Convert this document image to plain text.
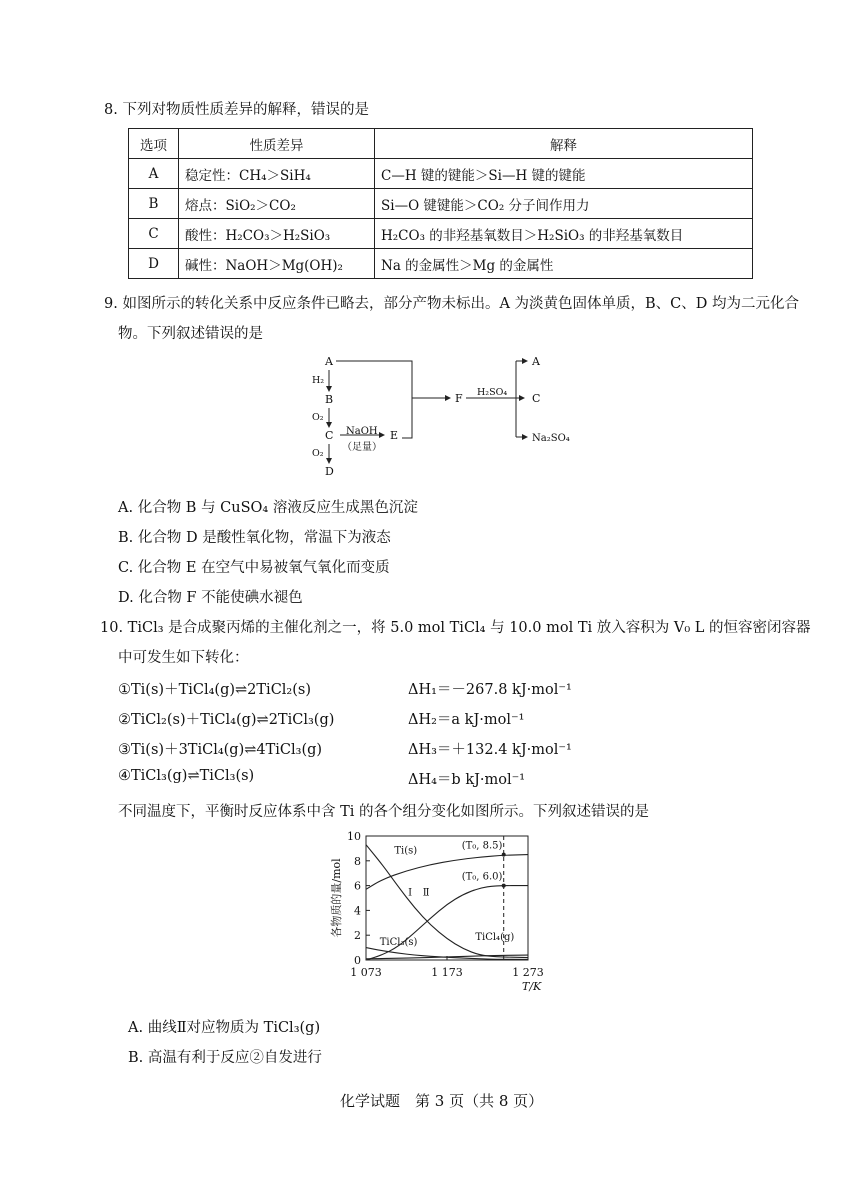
8. 下列对物质性质差异的解释，错误的是
选项	性质差异	解释
A	稳定性：CH₄＞SiH₄	C—H 键的键能＞Si—H 键的键能
B	熔点：SiO₂＞CO₂	Si—O 键键能＞CO₂ 分子间作用力
C	酸性：H₂CO₃＞H₂SiO₃	H₂CO₃ 的非羟基氧数目＞H₂SiO₃ 的非羟基氧数目
D	碱性：NaOH＞Mg(OH)₂	Na 的金属性＞Mg 的金属性
9. 如图所示的转化关系中反应条件已略去，部分产物未标出。A 为淡黄色固体单质，B、C、D 均为二元化合
物。下列叙述错误的是
A
H₂
B
O₂
C
O₂
D
NaOH
（足量）
E
F H₂SO₄
A
C
Na₂SO₄
A. 化合物 B 与 CuSO₄ 溶液反应生成黑色沉淀
B. 化合物 D 是酸性氧化物，常温下为液态
C. 化合物 E 在空气中易被氧气氧化而变质
D. 化合物 F 不能使碘水褪色
10. TiCl₃ 是合成聚丙烯的主催化剂之一，将 5.0 mol TiCl₄ 与 10.0 mol Ti 放入容积为 V₀ L 的恒容密闭容器
中可发生如下转化：
①Ti(s)＋TiCl₄(g)⇌2TiCl₂(s)	ΔH₁＝－267.8 kJ·mol⁻¹
②TiCl₂(s)＋TiCl₄(g)⇌2TiCl₃(g)	ΔH₂＝a kJ·mol⁻¹
③Ti(s)＋3TiCl₄(g)⇌4TiCl₃(g)	ΔH₃＝＋132.4 kJ·mol⁻¹
④TiCl₃(g)⇌TiCl₃(s)	ΔH₄＝b kJ·mol⁻¹
不同温度下，平衡时反应体系中含 Ti 的各个组分变化如图所示。下列叙述错误的是
0
2
4
6
8
10
1 073	1 173	1 273
T/K
各物质的量/mol
(T₀, 8.5)
(T₀, 6.0)
Ti(s)
Ⅰ Ⅱ
TiCl₃(s)	TiCl₄(g)
A. 曲线Ⅱ对应物质为 TiCl₃(g)
B. 高温有利于反应②自发进行
化学试题　第 3 页（共 8 页）
